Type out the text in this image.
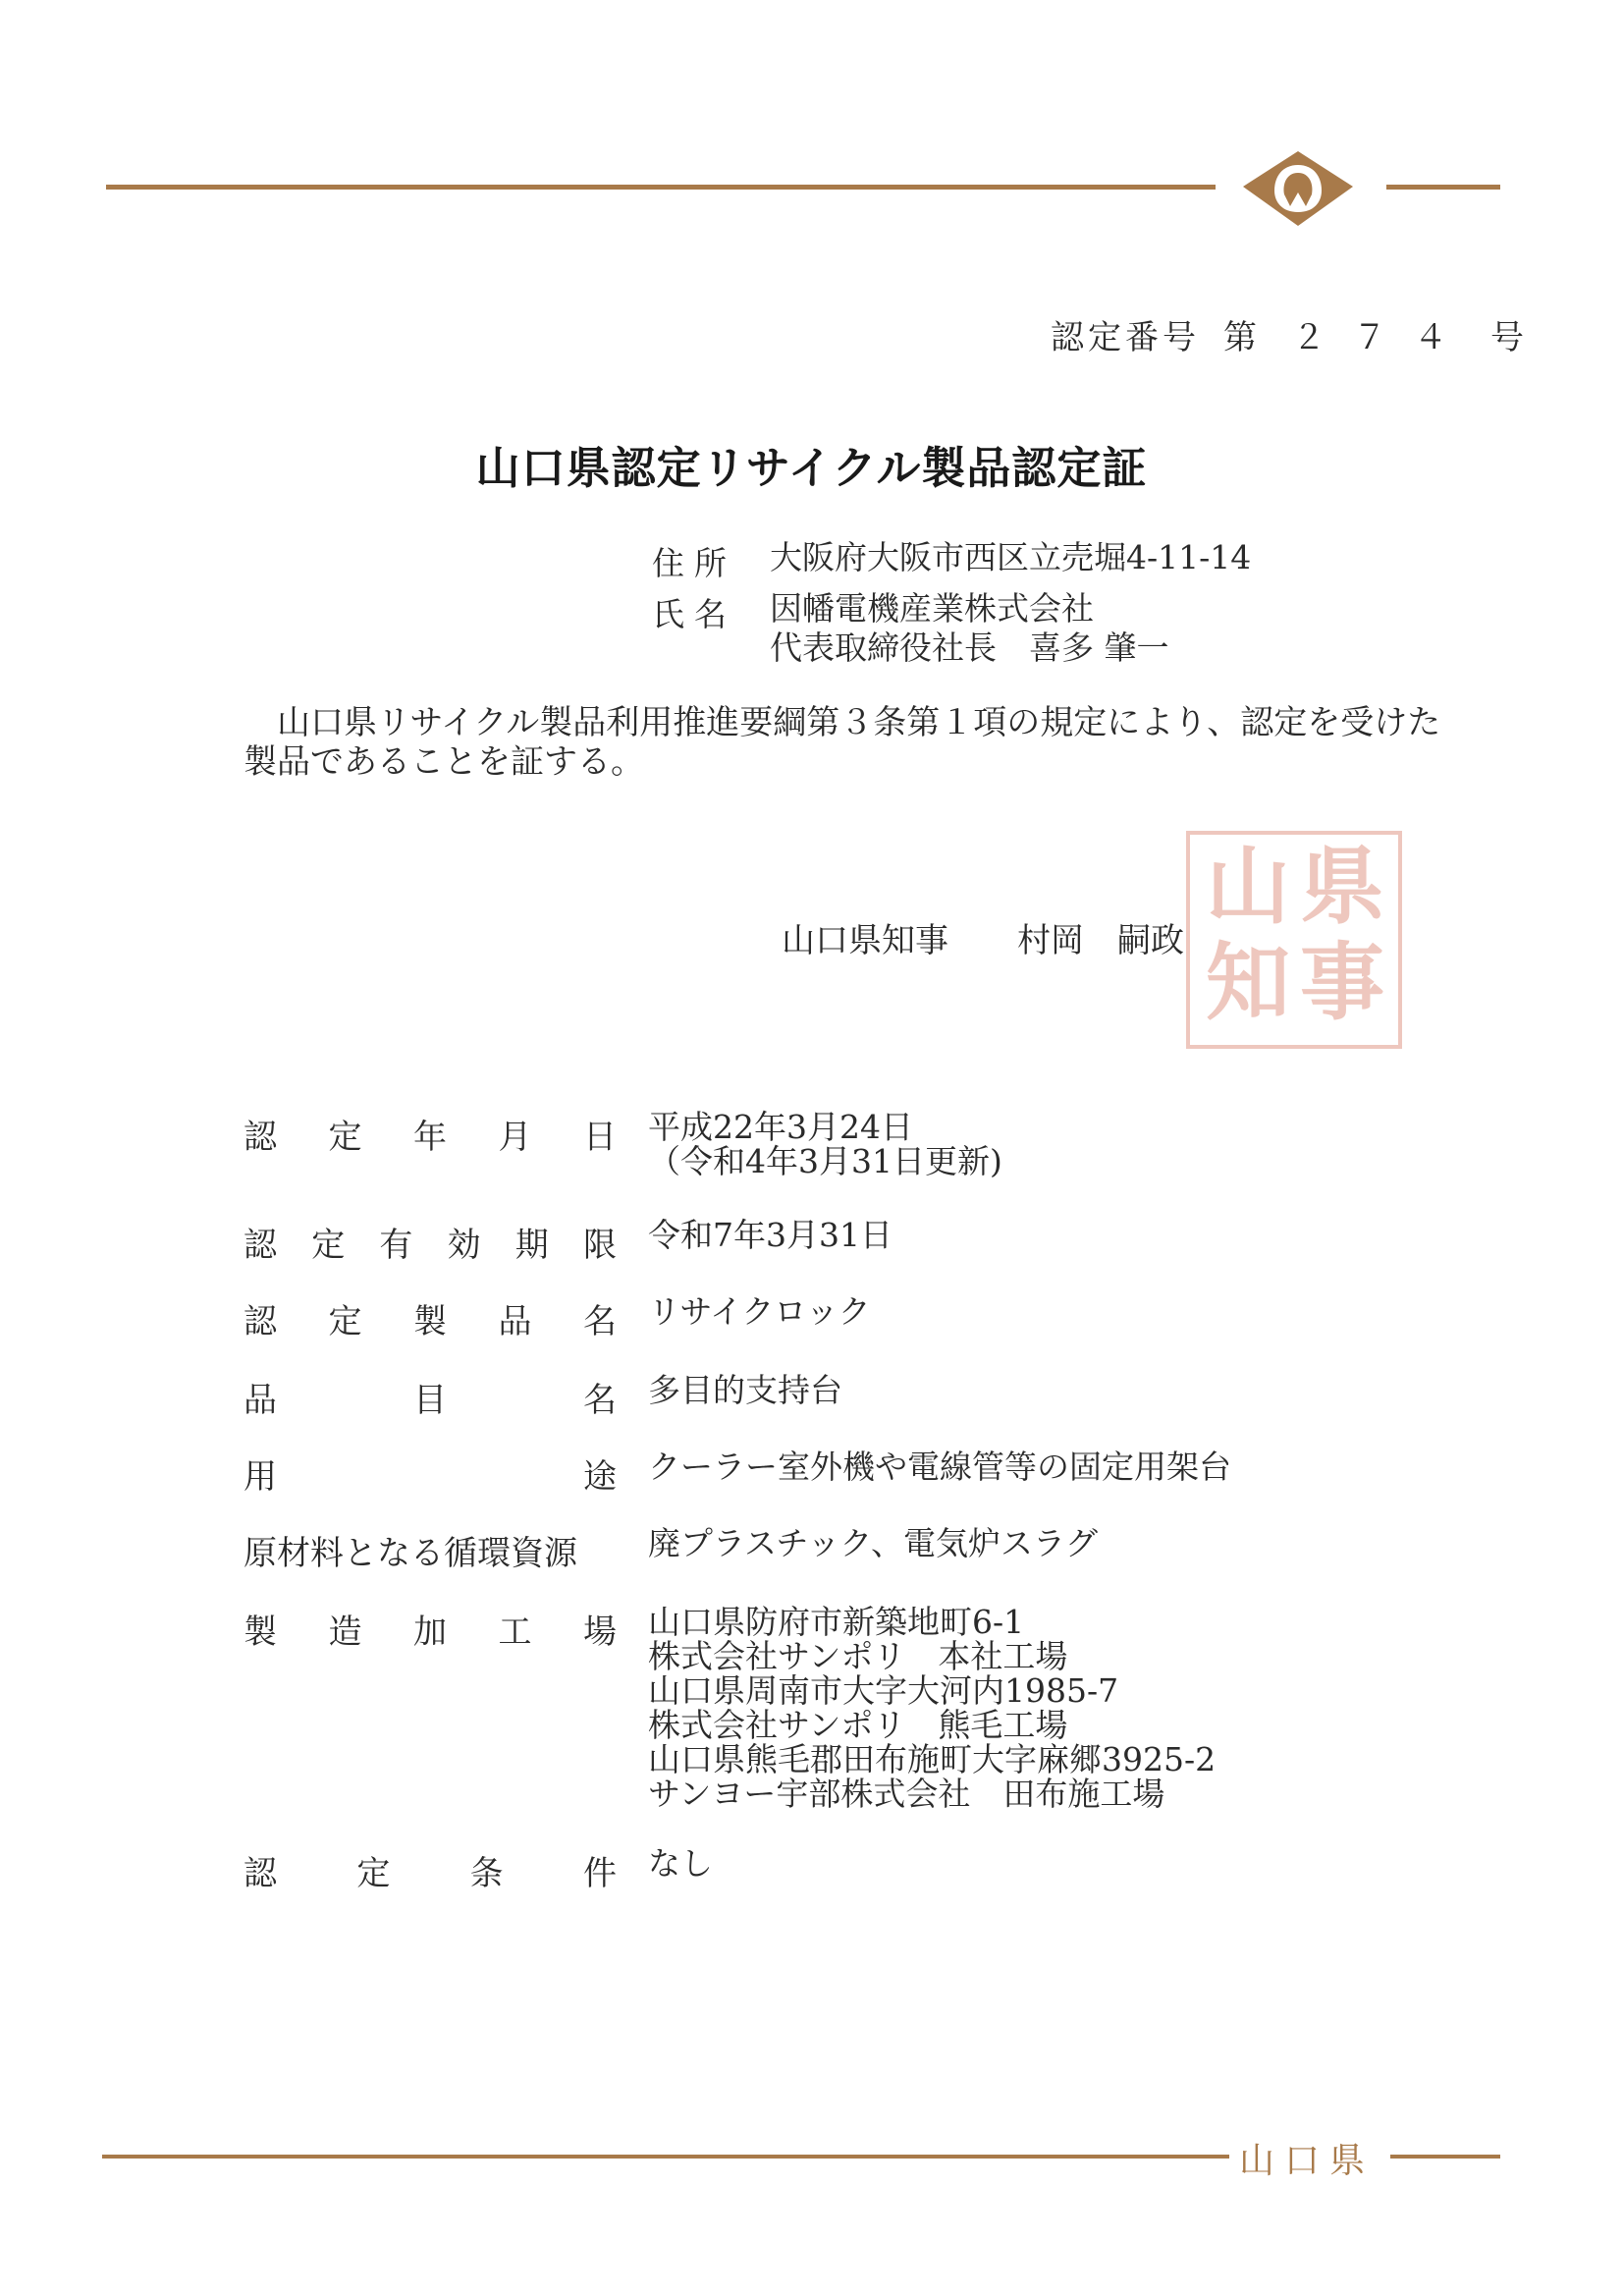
認定番号 第 ２７４ 号
山口県認定リサイクル製品認定証
住所 大阪府大阪市西区立売堀4-11-14
氏名 因幡電機産業株式会社
代表取締役社長　喜多 肇一
山口県リサイクル製品利用推進要綱第３条第１項の規定により、認定を受けた製品であることを証する。
山口県知事 村岡　嗣政
県
山
事
知
認 定 年 月 日 平成22年3月24日
（令和4年3月31日更新)
認 定 有 効 期 限 令和7年3月31日
認 定 製 品 名 リサイクロック
品	目	名 多目的支持台
用	途 クーラー室外機や電線管等の固定用架台
原材料となる循環資源 廃プラスチック、電気炉スラグ
製 造 加 工 場 山口県防府市新築地町6-1
株式会社サンポリ　本社工場
山口県周南市大字大河内1985-7
株式会社サンポリ　熊毛工場
山口県熊毛郡田布施町大字麻郷3925-2
サンヨー宇部株式会社　田布施工場
認 定 条 件 なし
山口県
